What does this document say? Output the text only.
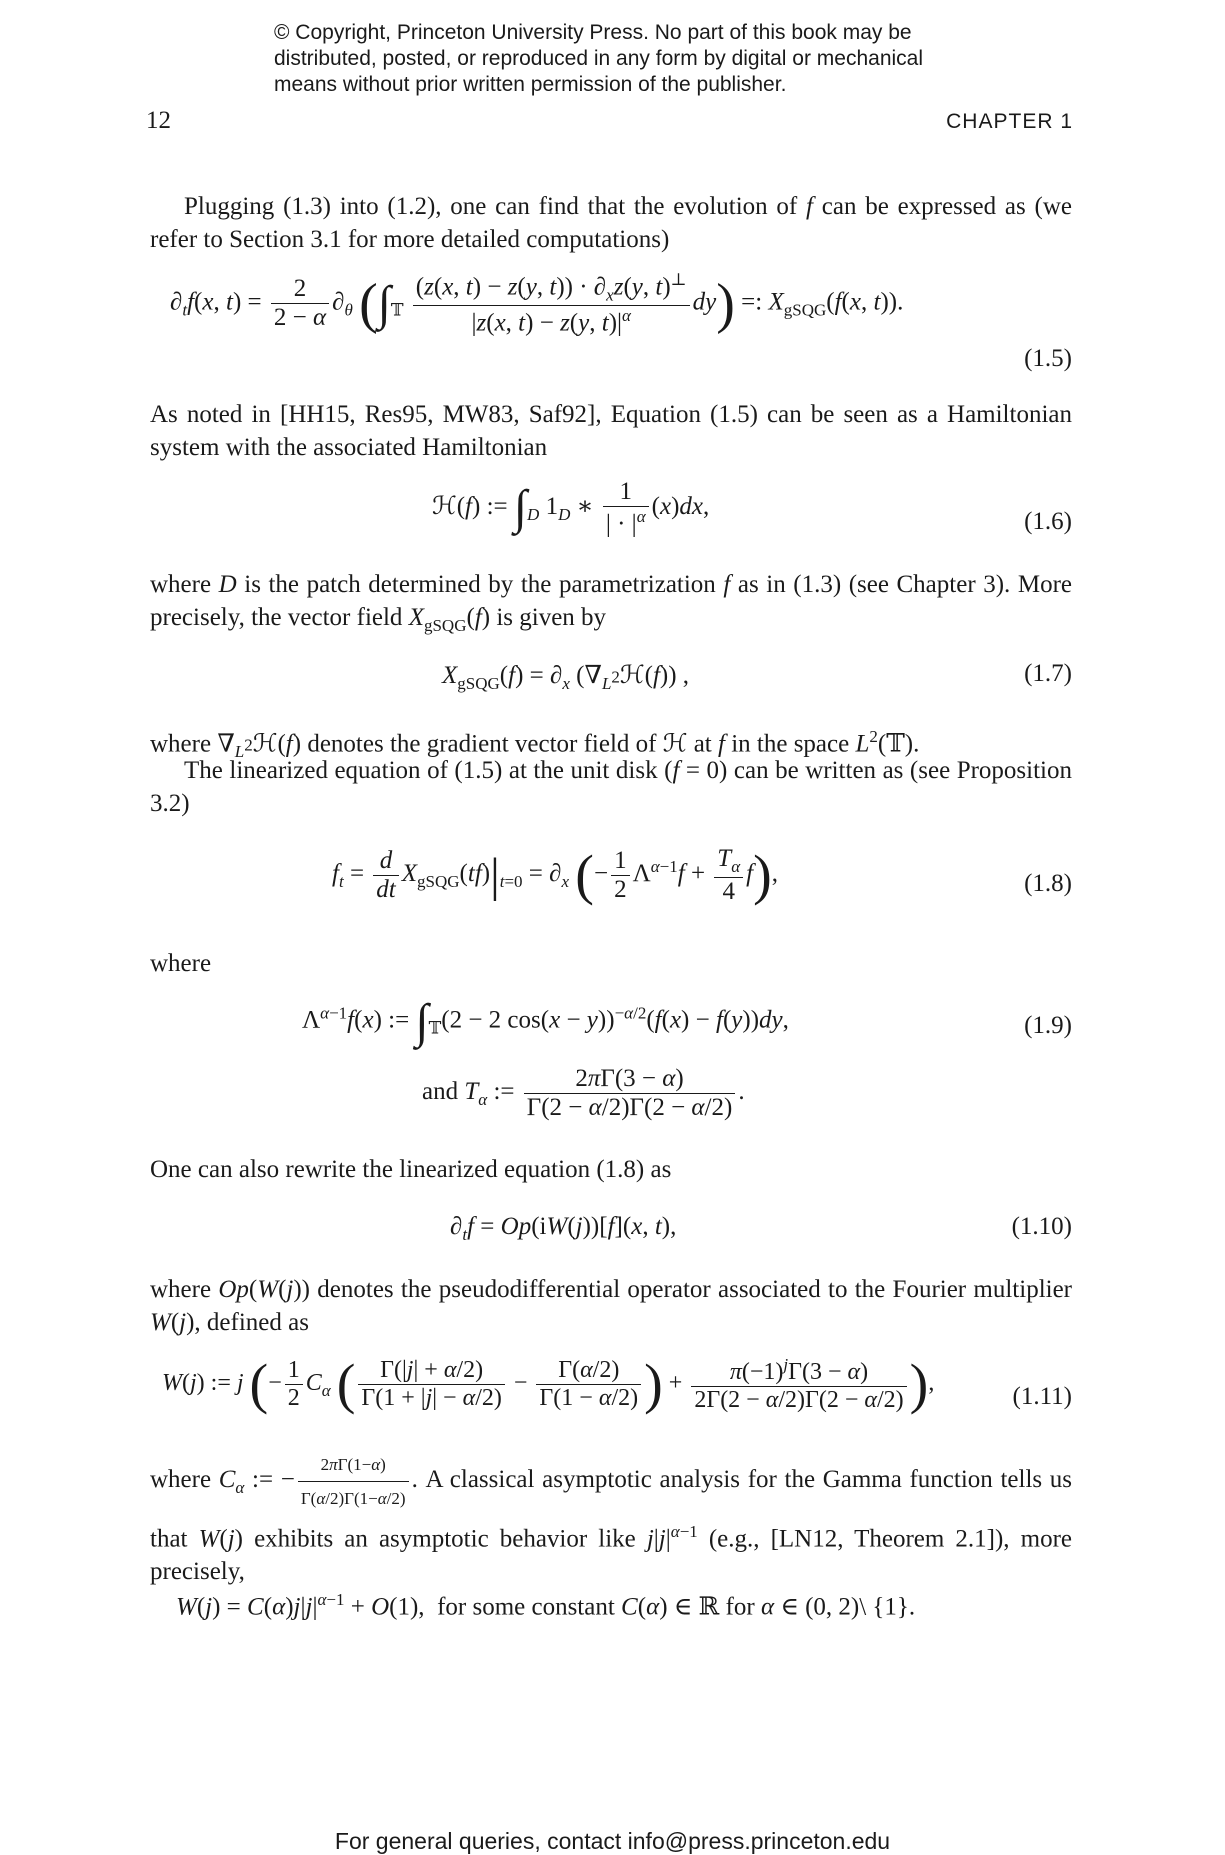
© Copyright, Princeton University Press. No part of this book may be
distributed, posted, or reproduced in any form by digital or mechanical
means without prior written permission of the publisher.
12	CHAPTER 1
Plugging (1.3) into (1.2), one can find that the evolution of f can be expressed as (we refer to Section 3.1 for more detailed computations)
$\partial_tf(x$, $t) = \frac{2}{2 - \alpha} \partial_\theta$ $(\int_𝕋 \frac{(z(x, t) - z(y, t)) \cdot \partial_xz(y, t)^\perp}{|z(x, t) - z(y, t)|^\alpha} dy)$ =: $X_{gSQG}(f(x$, t)).
(1.5)
As noted in [HH15, Res95, MW83, Saf92], Equation (1.5) can be seen as a Hamiltonian system with the associated Hamiltonian
ℋ(f) := $\int_D$ $1_D$ ∗ $\frac{1}{| \cdot |^\alpha} (x)dx$,
(1.6)
where D is the patch determined by the parametrization f as in (1.3) (see Chapter 3). More precisely, the vector field $X_{gSQG}(f)$ is given by
$X_{gSQG}(f) = \partial_x$ $(\nabla_{L^2}ℋ(f))$ ,	(1.7)
where $\nabla_{L^2}ℋ(f)$ denotes the gradient vector field of ℋ at f in the space $L^2(𝕋)$.
The linearized equation of (1.5) at the unit disk (f = 0) can be written as (see Proposition 3.2)
$f_t = \frac{d}{dt} X_{gSQG}(tf)|_{t=0} = \partial_x$ (− $\frac{1}{2} \Lambda^{\alpha-1}f + \frac{T_\alpha}{4} f$),	(1.8)
where
$\Lambda^{\alpha-1}f(x)$ := $\int_𝕋(2 - 2$ cos(x − y))$^{-\alpha/2}$(f(x) − f(y))dy,	(1.9)
and $T_\alpha$ := $\frac{2\pi\Gamma(3 - \alpha)}{\Gamma(2 - \alpha/2)\Gamma(2 - \alpha/2)}$ .
One can also rewrite the linearized equation (1.8) as
$\partial_tf = Op(iW(j))[f](x$, t),	(1.10)
where Op(W(j)) denotes the pseudodifferential operator associated to the Fourier multiplier W(j), defined as
W(j) := j (− $\frac{1}{2} C_\alpha$ ( $\frac{\Gamma(|j| + \alpha/2)}{\Gamma(1 + |j| - \alpha/2)} - \frac{\Gamma(\alpha/2)}{\Gamma(1 - \alpha/2)}$ ) + $\frac{\pi(-1)^j\Gamma(3 - \alpha)}{2\Gamma(2 - \alpha/2)\Gamma(2 - \alpha/2)}$ ),	(1.11)
where $C_\alpha$ := − $\frac{2\pi\Gamma(1-\alpha)}{\Gamma(\alpha/2)\Gamma(1-\alpha/2)}$ . A classical asymptotic analysis for the Gamma function tells us that W(j) exhibits an asymptotic behavior like $j|j|^{\alpha-1}$ (e.g., [LN12, Theorem 2.1]), more precisely,
$W(j) = C(\alpha)j|j|^{\alpha-1} + O(1)$,  for some constant C(α) ∈ ℝ for α ∈ (0, 2)\ {1}.
For general queries, contact info@press.princeton.edu
